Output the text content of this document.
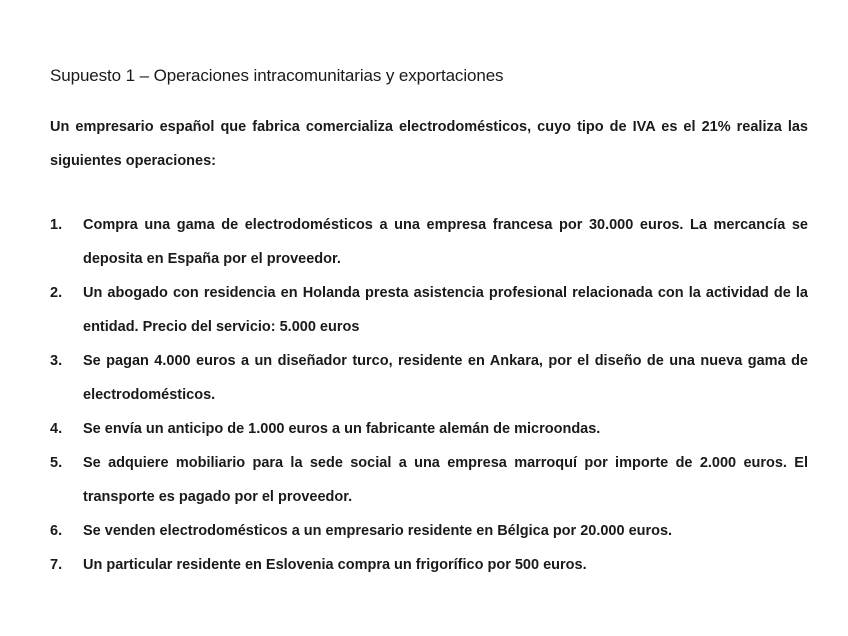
Supuesto 1 – Operaciones intracomunitarias y exportaciones
Un empresario español que fabrica comercializa electrodomésticos, cuyo tipo de IVA es el 21% realiza las siguientes operaciones:
1. Compra una gama de electrodomésticos a una empresa francesa por 30.000 euros. La mercancía se deposita en España por el proveedor.
2. Un abogado con residencia en Holanda presta asistencia profesional relacionada con la actividad de la entidad. Precio del servicio: 5.000 euros
3. Se pagan 4.000 euros a un diseñador turco, residente en Ankara, por el diseño de una nueva gama de electrodomésticos.
4. Se envía un anticipo de 1.000 euros a un fabricante alemán de microondas.
5. Se adquiere mobiliario para la sede social a una empresa marroquí por importe de 2.000 euros. El transporte es pagado por el proveedor.
6. Se venden electrodomésticos a un empresario residente en Bélgica por 20.000 euros.
7. Un particular residente en Eslovenia compra un frigorífico por 500 euros.
